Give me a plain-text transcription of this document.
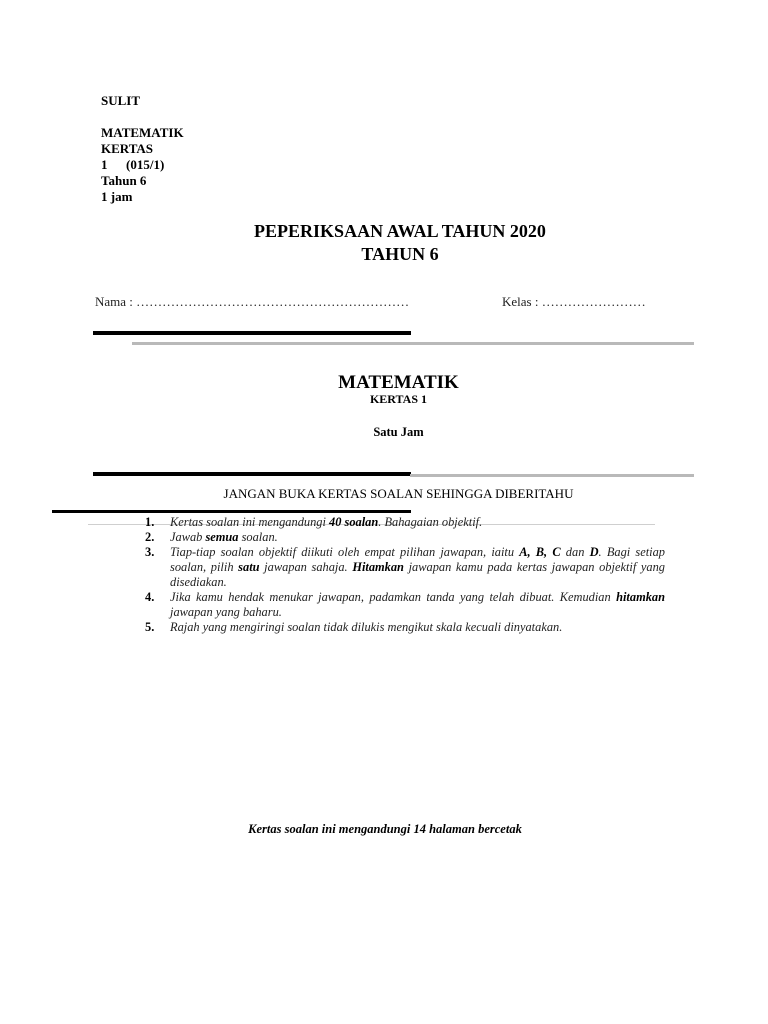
SULIT
MATEMATIK
KERTAS
1 (015/1)
Tahun 6
1 jam
PEPERIKSAAN AWAL TAHUN 2020
TAHUN 6
Nama : ………………………………………………………	Kelas : ……………………
MATEMATIK
KERTAS 1
Satu Jam
JANGAN BUKA KERTAS SOALAN SEHINGGA DIBERITAHU
1. Kertas soalan ini mengandungi 40 soalan. Bahagaian objektif.
2. Jawab semua soalan.
3. Tiap-tiap soalan objektif diikuti oleh empat pilihan jawapan, iaitu A, B, C dan D. Bagi setiap soalan, pilih satu jawapan sahaja. Hitamkan jawapan kamu pada kertas jawapan objektif yang disediakan.
4. Jika kamu hendak menukar jawapan, padamkan tanda yang telah dibuat. Kemudian hitamkan jawapan yang baharu.
5. Rajah yang mengiringi soalan tidak dilukis mengikut skala kecuali dinyatakan.
Kertas soalan ini mengandungi 14 halaman bercetak
